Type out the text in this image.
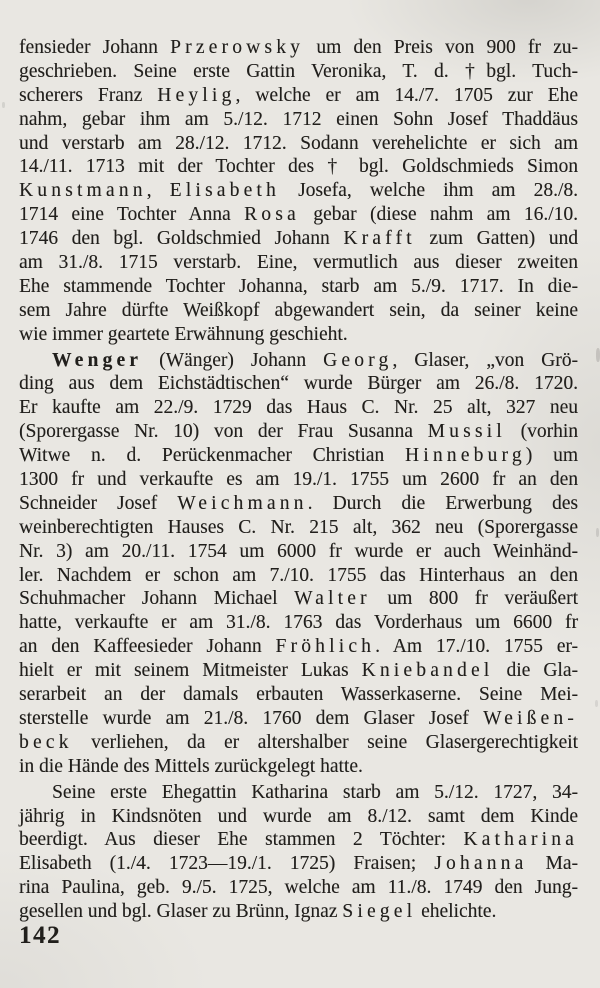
fensieder Johann Przerowsky um den Preis von 900 fr zu-
geschrieben. Seine erste Gattin Veronika, T. d. †bgl. Tuch-
scherers Franz Heylig, welche er am 14./7. 1705 zur Ehe
nahm, gebar ihm am 5./12. 1712 einen Sohn Josef Thaddäus
und verstarb am 28./12. 1712. Sodann verehelichte er sich am
14./11. 1713 mit der Tochter des † bgl. Goldschmieds Simon
Kunstmann, Elisabeth Josefa, welche ihm am 28./8.
1714 eine Tochter Anna Rosa gebar (diese nahm am 16./10.
1746 den bgl. Goldschmied Johann Krafft zum Gatten) und
am 31./8. 1715 verstarb. Eine, vermutlich aus dieser zweiten
Ehe stammende Tochter Johanna, starb am 5./9. 1717. In die-
sem Jahre dürfte Weißkopf abgewandert sein, da seiner keine
wie immer geartete Erwähnung geschieht.
Wenger (Wänger) Johann Georg, Glaser, „von Grö-
ding aus dem Eichstädtischen“ wurde Bürger am 26./8. 1720.
Er kaufte am 22./9. 1729 das Haus C. Nr. 25 alt, 327 neu
(Sporergasse Nr. 10) von der Frau Susanna Mussil (vorhin
Witwe n. d. Perückenmacher Christian Hinneburg) um
1300 fr und verkaufte es am 19./1. 1755 um 2600 fr an den
Schneider Josef Weichmann. Durch die Erwerbung des
weinberechtigten Hauses C. Nr. 215 alt, 362 neu (Sporergasse
Nr. 3) am 20./11. 1754 um 6000 fr wurde er auch Weinhänd-
ler. Nachdem er schon am 7./10. 1755 das Hinterhaus an den
Schuhmacher Johann Michael Walter um 800 fr veräußert
hatte, verkaufte er am 31./8. 1763 das Vorderhaus um 6600 fr
an den Kaffeesieder Johann Fröhlich. Am 17./10. 1755 er-
hielt er mit seinem Mitmeister Lukas Kniebandel die Gla-
serarbeit an der damals erbauten Wasserkaserne. Seine Mei-
sterstelle wurde am 21./8. 1760 dem Glaser Josef Weißen-
beck verliehen, da er altershalber seine Glasergerechtigkeit
in die Hände des Mittels zurückgelegt hatte.
Seine erste Ehegattin Katharina starb am 5./12. 1727, 34-
jährig in Kindsnöten und wurde am 8./12. samt dem Kinde
beerdigt. Aus dieser Ehe stammen 2 Töchter: Katharina
Elisabeth (1./4. 1723—19./1. 1725) Fraisen; Johanna Ma-
rina Paulina, geb. 9./5. 1725, welche am 11./8. 1749 den Jung-
gesellen und bgl. Glaser zu Brünn, Ignaz Siegel ehelichte.
142
